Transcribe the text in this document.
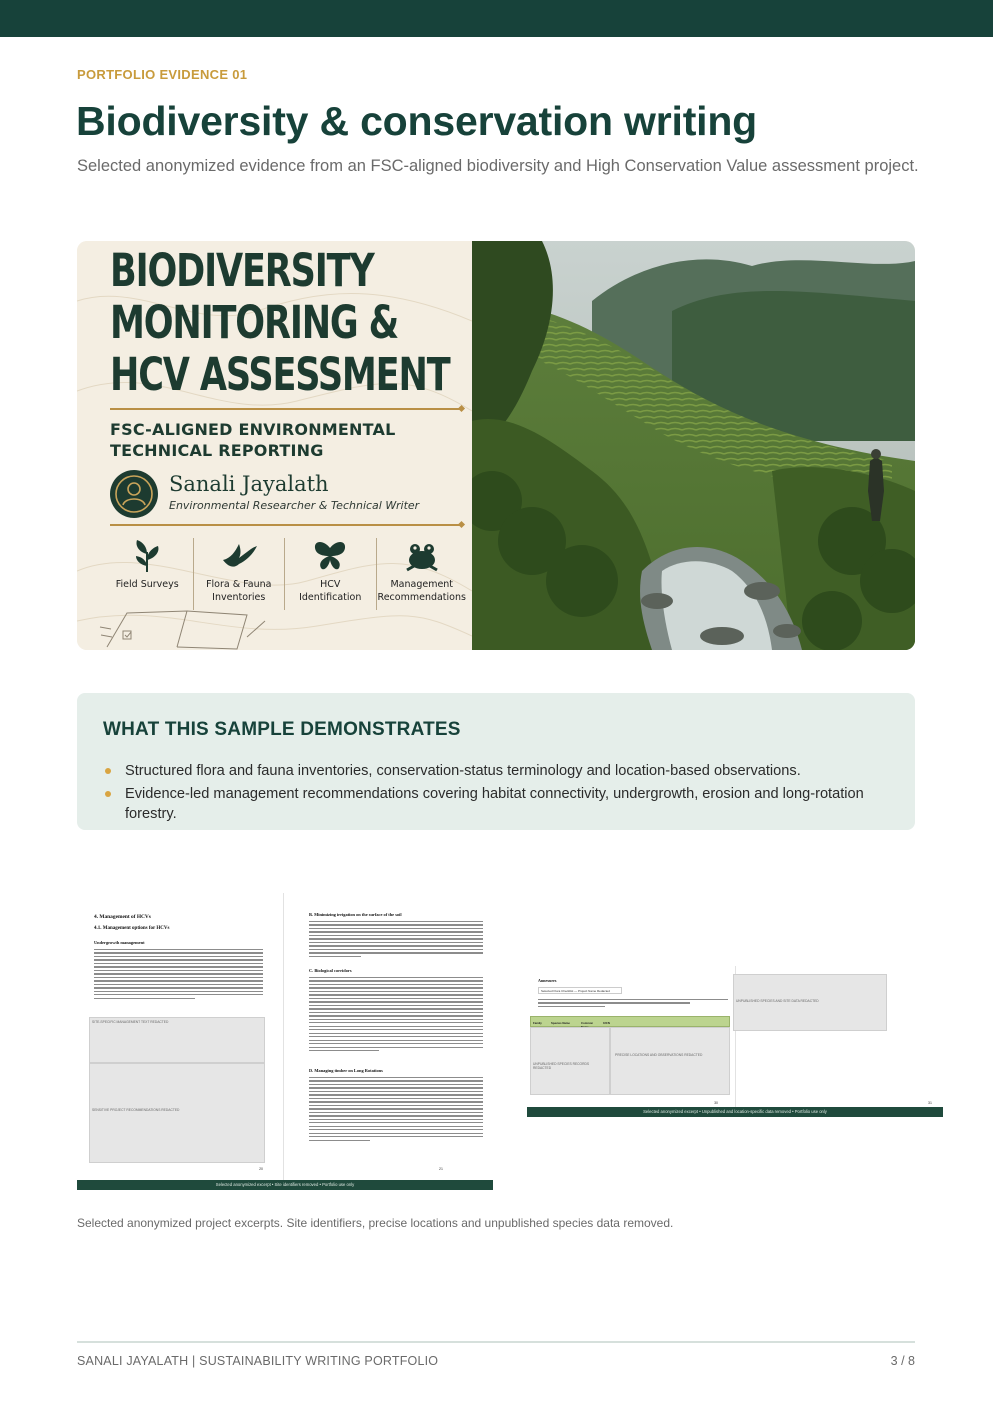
PORTFOLIO EVIDENCE 01
Biodiversity & conservation writing

Selected anonymized evidence from an FSC-aligned biodiversity and High Conservation Value assessment project.

BIODIVERSITY
MONITORING &
HCV ASSESSMENT
FSC-ALIGNED ENVIRONMENTAL
TECHNICAL REPORTING
Sanali Jayalath
Environmental Researcher & Technical Writer
Field Surveys	Flora & Fauna
Inventories
HCV
Identification
Management
Recommendations
WHAT THIS SAMPLE DEMONSTRATES
Structured flora and fauna inventories, conservation-status terminology and location-based observations.
Evidence-led management recommendations covering habitat connectivity, undergrowth, erosion and long-rotation forestry.
4. Management of HCVs
4.1. Management options for HCVs
Undergrowth management
SITE-SPECIFIC MANAGEMENT TEXT REDACTED
SENSITIVE PROJECT RECOMMENDATIONS REDACTED
20
B. Minimizing irrigation on the surface of the soil
C. Biological corridors
D. Managing timber on Long Rotations
21
Selected anonymized excerpt • Site identifiers removed • Portfolio use only
Annexures
Selected Flora Checklist — Project Name Redacted
Family	Species Name	Common	IUCN
UNPUBLISHED SPECIES RECORDS REDACTED
PRECISE LOCATIONS AND OBSERVATIONS REDACTED
30
UNPUBLISHED SPECIES AND SITE DATA REDACTED
31
Selected anonymized excerpt • Unpublished and location-specific data removed • Portfolio use only

Selected anonymized project excerpts. Site identifiers, precise locations and unpublished species data removed.

SANALI JAYALATH | SUSTAINABILITY WRITING PORTFOLIO	3 / 8
